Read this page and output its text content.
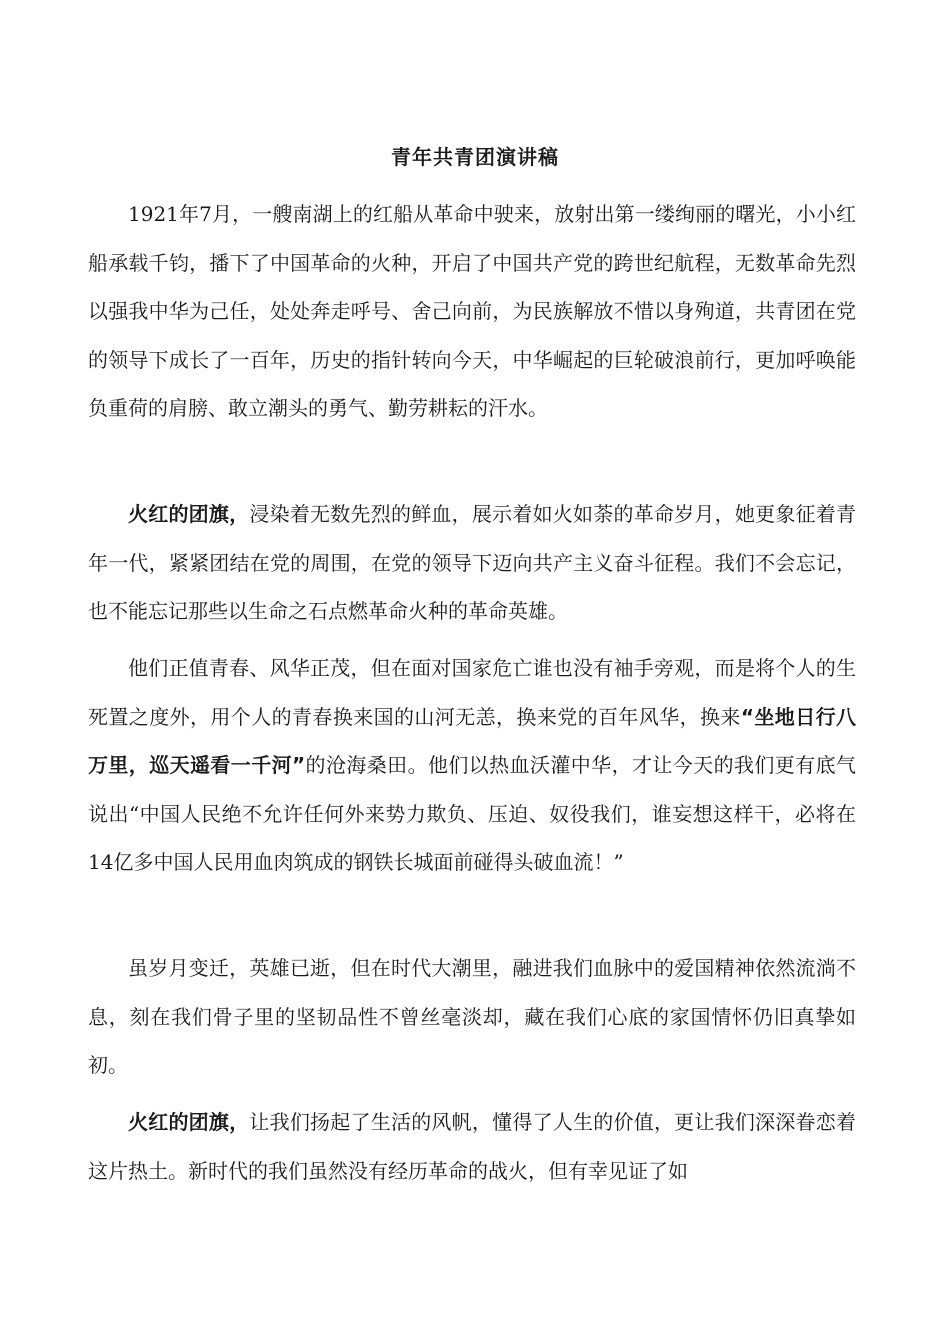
青年共青团演讲稿

1921年7月，一艘南湖上的红船从革命中驶来，放射出第一缕绚丽的曙光，小小红船承载千钧，播下了中国革命的火种，开启了中国共产党的跨世纪航程，无数革命先烈以强我中华为己任，处处奔走呼号、舍己向前，为民族解放不惜以身殉道，共青团在党的领导下成长了一百年，历史的指针转向今天，中华崛起的巨轮破浪前行，更加呼唤能负重荷的肩膀、敢立潮头的勇气、勤劳耕耘的汗水。

火红的团旗，浸染着无数先烈的鲜血，展示着如火如荼的革命岁月，她更象征着青年一代，紧紧团结在党的周围，在党的领导下迈向共产主义奋斗征程。我们不会忘记，也不能忘记那些以生命之石点燃革命火种的革命英雄。

他们正值青春、风华正茂，但在面对国家危亡谁也没有袖手旁观，而是将个人的生死置之度外，用个人的青春换来国的山河无恙，换来党的百年风华，换来“坐地日行八万里，巡天遥看一千河”的沧海桑田。他们以热血沃灌中华，才让今天的我们更有底气说出“中国人民绝不允许任何外来势力欺负、压迫、奴役我们，谁妄想这样干，必将在14亿多中国人民用血肉筑成的钢铁长城面前碰得头破血流！”

虽岁月变迁，英雄已逝，但在时代大潮里，融进我们血脉中的爱国精神依然流淌不息，刻在我们骨子里的坚韧品性不曾丝毫淡却，藏在我们心底的家国情怀仍旧真挚如初。

火红的团旗，让我们扬起了生活的风帆，懂得了人生的价值，更让我们深深眷恋着这片热土。新时代的我们虽然没有经历革命的战火，但有幸见证了如
